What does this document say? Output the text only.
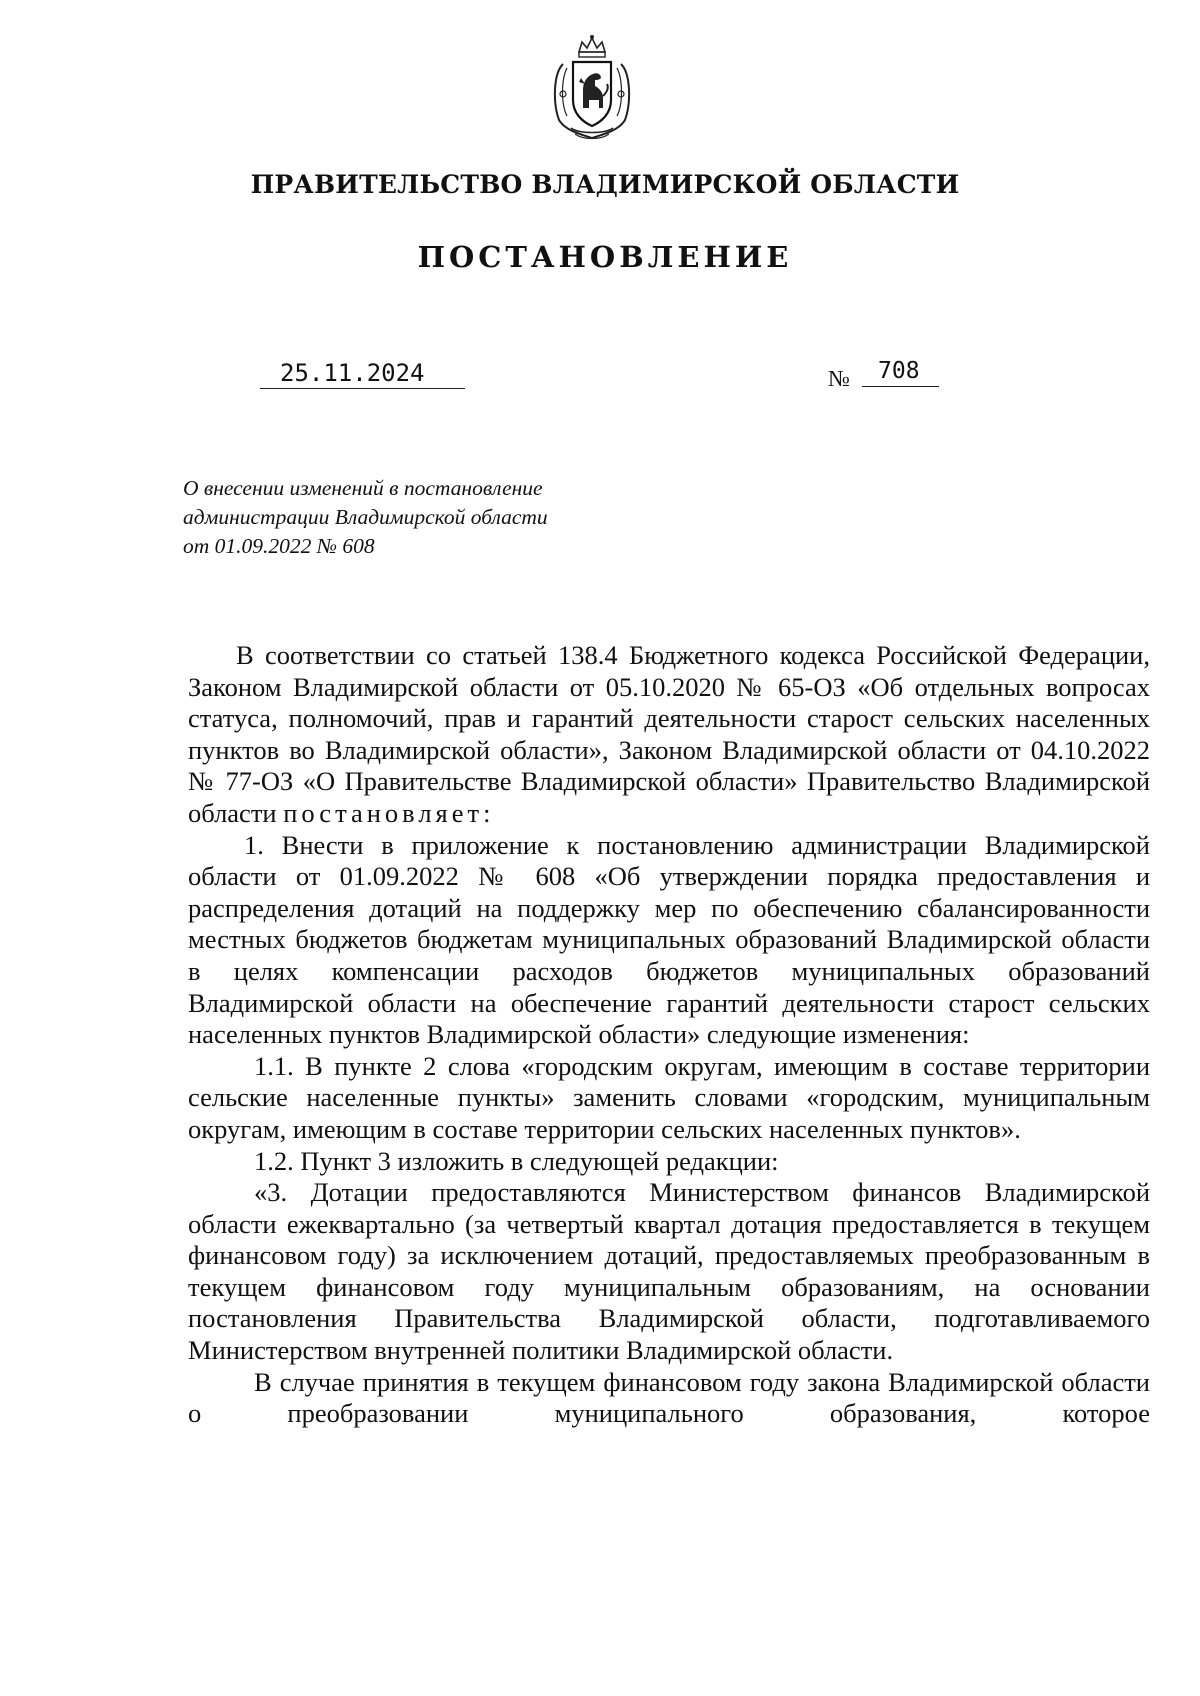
ПРАВИТЕЛЬСТВО ВЛАДИМИРСКОЙ ОБЛАСТИ
ПОСТАНОВЛЕНИЕ
25.11.2024	№	708
О внесении изменений в постановление
администрации Владимирской области
от 01.09.2022 № 608

В соответствии со статьей 138.4 Бюджетного кодекса Российской Федерации, Законом Владимирской области от 05.10.2020 № 65-ОЗ «Об отдельных вопросах статуса, полномочий, прав и гарантий деятельности старост сельских населенных пунктов во Владимирской области», Законом Владимирской области от 04.10.2022 № 77-ОЗ «О Правительстве Владимирской области» Правительство Владимирской области постановляет:

1. Внести в приложение к постановлению администрации Владимирской области от 01.09.2022 № 608 «Об утверждении порядка предоставления и распределения дотаций на поддержку мер по обеспечению сбалансированности местных бюджетов бюджетам муниципальных образований Владимирской области в целях компенсации расходов бюджетов муниципальных образований Владимирской области на обеспечение гарантий деятельности старост сельских населенных пунктов Владимирской области» следующие изменения:

1.1. В пункте 2 слова «городским округам, имеющим в составе территории сельские населенные пункты» заменить словами «городским, муниципальным округам, имеющим в составе территории сельских населенных пунктов».

1.2. Пункт 3 изложить в следующей редакции:

«3. Дотации предоставляются Министерством финансов Владимирской области ежеквартально (за четвертый квартал дотация предоставляется в текущем финансовом году) за исключением дотаций, предоставляемых преобразованным в текущем финансовом году муниципальным образованиям, на основании постановления Правительства Владимирской области, подготавливаемого Министерством внутренней политики Владимирской области.

В случае принятия в текущем финансовом году закона Владимирской области о преобразовании муниципального образования, которое
